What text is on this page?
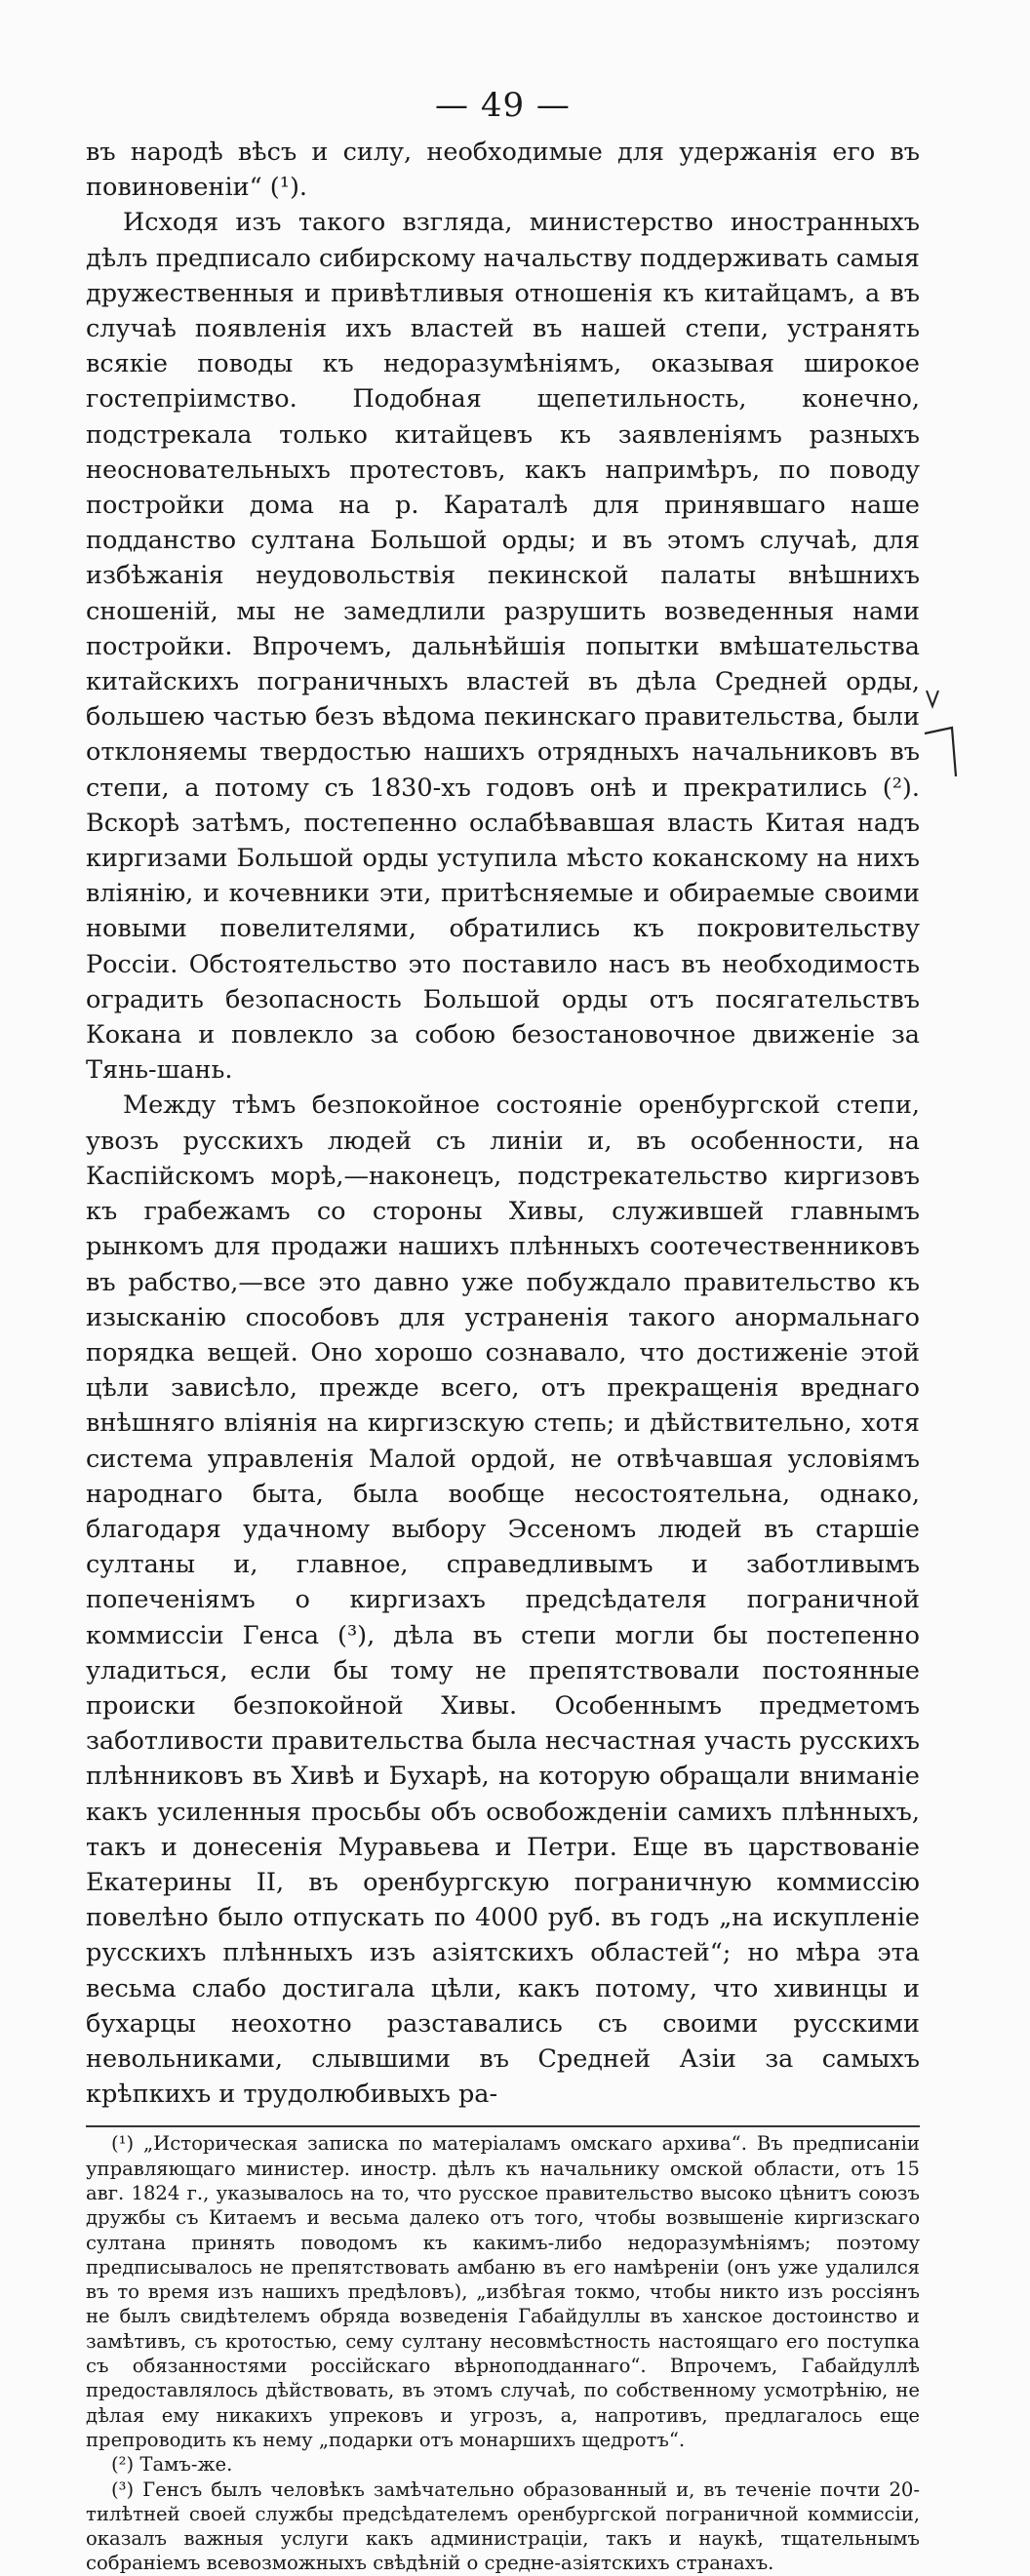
— 49 —

въ народѣ вѣсъ и силу, необходимые для удержанія его въ повиновеніи“ (¹).

Исходя изъ такого взгляда, министерство иностранныхъ дѣлъ предписало сибирскому начальству поддерживать самыя дружественныя и привѣтливыя отношенія къ китайцамъ, а въ случаѣ появленія ихъ властей въ нашей степи, устранять всякіе поводы къ недоразумѣніямъ, оказывая широкое гостепріимство. Подобная щепетильность, конечно, подстрекала только китайцевъ къ заявленіямъ разныхъ неосновательныхъ протестовъ, какъ напримѣръ, по поводу постройки дома на р. Караталѣ для принявшаго наше подданство султана Большой орды; и въ этомъ случаѣ, для избѣжанія неудовольствія пекинской палаты внѣшнихъ сношеній, мы не замедлили разрушить возведенныя нами постройки. Впрочемъ, дальнѣйшія попытки вмѣшательства китайскихъ пограничныхъ властей въ дѣла Средней орды, большею частью безъ вѣдома пекинскаго правительства, были отклоняемы твердостью нашихъ отрядныхъ начальниковъ въ степи, а потому съ 1830-хъ годовъ онѣ и прекратились (²). Вскорѣ затѣмъ, постепенно ослабѣвавшая власть Китая надъ киргизами Большой орды уступила мѣсто коканскому на нихъ вліянію, и кочевники эти, притѣсняемые и обираемые своими новыми повелителями, обратились къ покровительству Россіи. Обстоятельство это поставило насъ въ необходимость оградить безопасность Большой орды отъ посягательствъ Кокана и повлекло за собою безостановочное движеніе за Тянь-шань.

Между тѣмъ безпокойное состояніе оренбургской степи, увозъ русскихъ людей съ линіи и, въ особенности, на Каспійскомъ морѣ,—наконецъ, подстрекательство киргизовъ къ грабежамъ со стороны Хивы, служившей главнымъ рынкомъ для продажи нашихъ плѣнныхъ соотечественниковъ въ рабство,—все это давно уже побуждало правительство къ изысканію способовъ для устраненія такого анормальнаго порядка вещей. Оно хорошо сознавало, что достиженіе этой цѣли зависѣло, прежде всего, отъ прекращенія вреднаго внѣшняго вліянія на киргизскую степь; и дѣйствительно, хотя система управленія Малой ордой, не отвѣчавшая условіямъ народнаго быта, была вообще несостоятельна, однако, благодаря удачному выбору Эссеномъ людей въ старшіе султаны и, главное, справедливымъ и заботливымъ попеченіямъ о киргизахъ предсѣдателя пограничной коммиссіи Генса (³), дѣла въ степи могли бы постепенно уладиться, если бы тому не препятствовали постоянные происки безпокойной Хивы. Особеннымъ предметомъ заботливости правительства была несчастная участь русскихъ плѣнниковъ въ Хивѣ и Бухарѣ, на которую обращали вниманіе какъ усиленныя просьбы объ освобожденіи самихъ плѣнныхъ, такъ и донесенія Муравьева и Петри. Еще въ царствованіе Екатерины II, въ оренбургскую пограничную коммиссію повелѣно было отпускать по 4000 руб. въ годъ „на искупленіе русскихъ плѣнныхъ изъ азіятскихъ областей“; но мѣра эта весьма слабо достигала цѣли, какъ потому, что хивинцы и бухарцы неохотно разставались съ своими русскими невольниками, слывшими въ Средней Азіи за самыхъ крѣпкихъ и трудолюбивыхъ ра-

(¹) „Историческая записка по матеріаламъ омскаго архива“. Въ предписаніи управляющаго министер. иностр. дѣлъ къ начальнику омской области, отъ 15 авг. 1824 г., указывалось на то, что русское правительство высоко цѣнитъ союзъ дружбы съ Китаемъ и весьма далеко отъ того, чтобы возвышеніе киргизскаго султана принять поводомъ къ какимъ-либо недоразумѣніямъ; поэтому предписывалось не препятствовать амбаню въ его намѣреніи (онъ уже удалился въ то время изъ нашихъ предѣловъ), „избѣгая токмо, чтобы никто изъ россіянъ не былъ свидѣтелемъ обряда возведенія Габайдуллы въ ханское достоинство и замѣтивъ, съ кротостью, сему султану несовмѣстность настоящаго его поступка съ обязанностями россійскаго вѣрноподданнаго“. Впрочемъ, Габайдуллѣ предоставлялось дѣйствовать, въ этомъ случаѣ, по собственному усмотрѣнію, не дѣлая ему никакихъ упрековъ и угрозъ, а, напротивъ, предлагалось еще препроводить къ нему „подарки отъ монаршихъ щедротъ“.

(²) Тамъ-же.

(³) Генсъ былъ человѣкъ замѣчательно образованный и, въ теченіе почти 20-тилѣтней своей службы предсѣдателемъ оренбургской пограничной коммиссіи, оказалъ важныя услуги какъ администраціи, такъ и наукѣ, тщательнымъ собраніемъ всевозможныхъ свѣдѣній о средне-азіятскихъ странахъ.
